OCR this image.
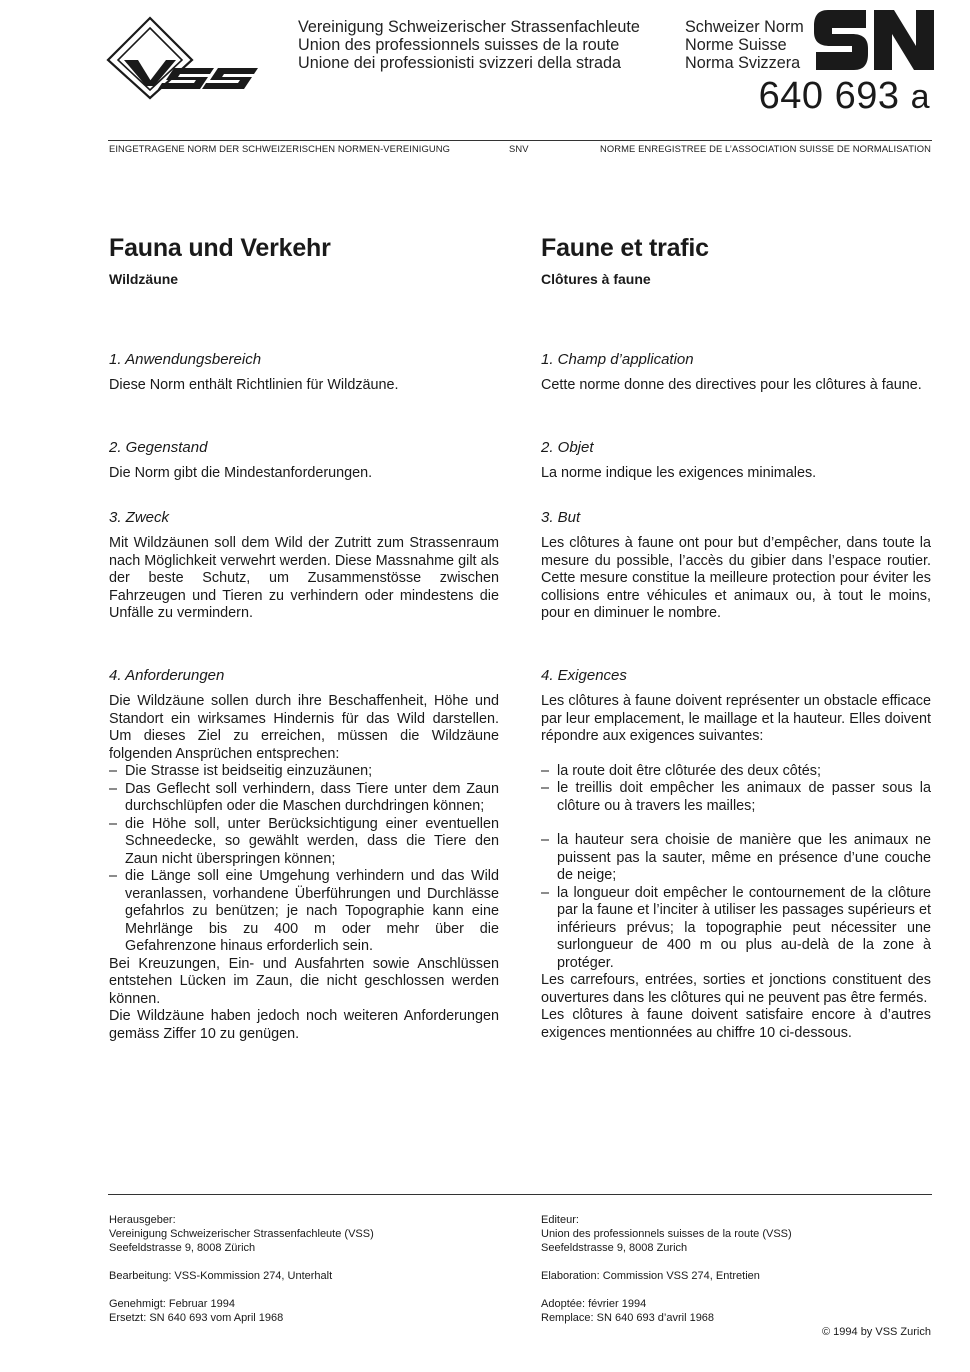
Vereinigung Schweizerischer Strassenfachleute
Union des professionnels suisses de la route
Unione dei professionisti svizzeri della strada
Schweizer Norm
Norme Suisse
Norma Svizzera
640 693 a
EINGETRAGENE NORM DER SCHWEIZERISCHEN NORMEN-VEREINIGUNG	SNV	NORME ENREGISTREE DE L’ASSOCIATION SUISSE DE NORMALISATION
Fauna und Verkehr
Wildzäune
1. Anwendungsbereich

Diese Norm enthält Richtlinien für Wildzäune.

2. Gegenstand

Die Norm gibt die Mindestanforderungen.

3. Zweck

Mit Wildzäunen soll dem Wild der Zutritt zum Strassenraum nach Möglichkeit verwehrt werden. Diese Massnahme gilt als der beste Schutz, um Zusammenstösse zwischen Fahrzeugen und Tieren zu verhindern oder mindestens die Unfälle zu vermindern.

4. Anforderungen

Die Wildzäune sollen durch ihre Beschaffenheit, Höhe und Standort ein wirksames Hindernis für das Wild darstellen. Um dieses Ziel zu erreichen, müssen die Wildzäune folgenden Ansprüchen entsprechen:

– Die Strasse ist beidseitig einzuzäunen;
– Das Geflecht soll verhindern, dass Tiere unter dem Zaun durchschlüpfen oder die Maschen durchdringen können;
– die Höhe soll, unter Berücksichtigung einer eventuellen Schneedecke, so gewählt werden, dass die Tiere den Zaun nicht überspringen können;
– die Länge soll eine Umgehung verhindern und das Wild veranlassen, vorhandene Überführungen und Durchlässe gefahrlos zu benützen; je nach Topographie kann eine Mehrlänge bis zu 400 m oder mehr über die Gefahrenzone hinaus erforderlich sein.

Bei Kreuzungen, Ein- und Ausfahrten sowie Anschlüssen entstehen Lücken im Zaun, die nicht geschlossen werden können.

Die Wildzäune haben jedoch noch weiteren Anforderungen gemäss Ziffer 10 zu genügen.

Faune et trafic
Clôtures à faune
1. Champ d’application

Cette norme donne des directives pour les clôtures à faune.

2. Objet

La norme indique les exigences minimales.

3. But

Les clôtures à faune ont pour but d’empêcher, dans toute la mesure du possible, l’accès du gibier dans l’espace routier. Cette mesure constitue la meilleure protection pour éviter les collisions entre véhicules et animaux ou, à tout le moins, pour en diminuer le nombre.

4. Exigences

Les clôtures à faune doivent représenter un obstacle efficace par leur emplacement, le maillage et la hauteur. Elles doivent répondre aux exigences suivantes:

– la route doit être clôturée des deux côtés;
– le treillis doit empêcher les animaux de passer sous la clôture ou à travers les mailles;
– la hauteur sera choisie de manière que les animaux ne puissent pas la sauter, même en présence d’une couche de neige;
– la longueur doit empêcher le contournement de la clôture par la faune et l’inciter à utiliser les passages supérieurs et inférieurs prévus; la topographie peut nécessiter une surlongueur de 400 m ou plus au-delà de la zone à protéger.

Les carrefours, entrées, sorties et jonctions constituent des ouvertures dans les clôtures qui ne peuvent pas être fermés.

Les clôtures à faune doivent satisfaire encore à d’autres exigences mentionnées au chiffre 10 ci-dessous.

Herausgeber:
Vereinigung Schweizerischer Strassenfachleute (VSS)
Seefeldstrasse 9, 8008 Zürich
Bearbeitung: VSS-Kommission 274, Unterhalt
Genehmigt: Februar 1994
Ersetzt: SN 640 693 vom April 1968
Editeur:
Union des professionnels suisses de la route (VSS)
Seefeldstrasse 9, 8008 Zurich
Elaboration: Commission VSS 274, Entretien
Adoptée: février 1994
Remplace: SN 640 693 d’avril 1968
© 1994 by VSS Zurich
